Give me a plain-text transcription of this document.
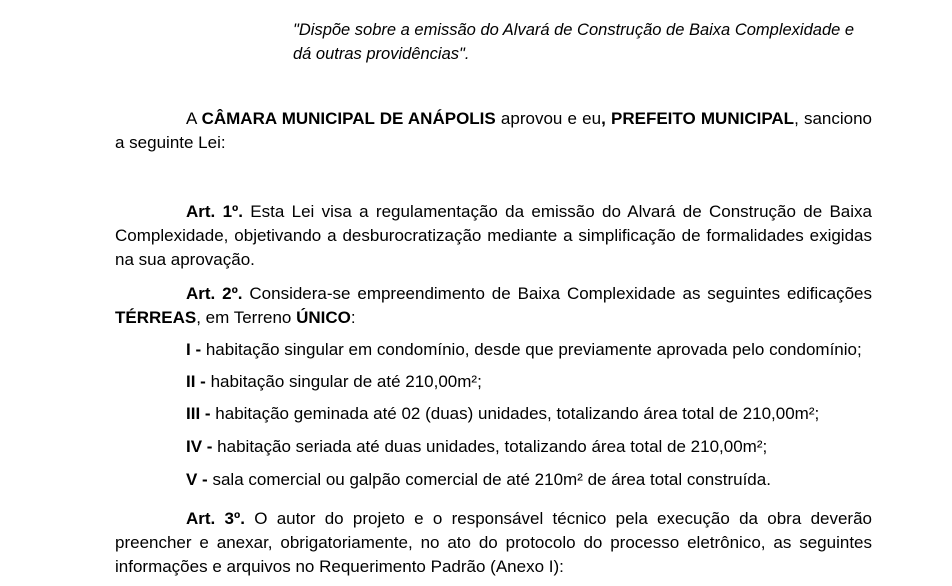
"Dispõe sobre a emissão do Alvará de Construção de Baixa Complexidade e dá outras providências".
A CÂMARA MUNICIPAL DE ANÁPOLIS aprovou e eu, PREFEITO MUNICIPAL, sanciono a seguinte Lei:
Art. 1º. Esta Lei visa a regulamentação da emissão do Alvará de Construção de Baixa Complexidade, objetivando a desburocratização mediante a simplificação de formalidades exigidas na sua aprovação.
Art. 2º. Considera-se empreendimento de Baixa Complexidade as seguintes edificações TÉRREAS, em Terreno ÚNICO:
I - habitação singular em condomínio, desde que previamente aprovada pelo condomínio;
II - habitação singular de até 210,00m²;
III - habitação geminada até 02 (duas) unidades, totalizando área total de 210,00m²;
IV - habitação seriada até duas unidades, totalizando área total de 210,00m²;
V - sala comercial ou galpão comercial de até 210m² de área total construída.
Art. 3º. O autor do projeto e o responsável técnico pela execução da obra deverão preencher e anexar, obrigatoriamente, no ato do protocolo do processo eletrônico, as seguintes informações e arquivos no Requerimento Padrão (Anexo I):
